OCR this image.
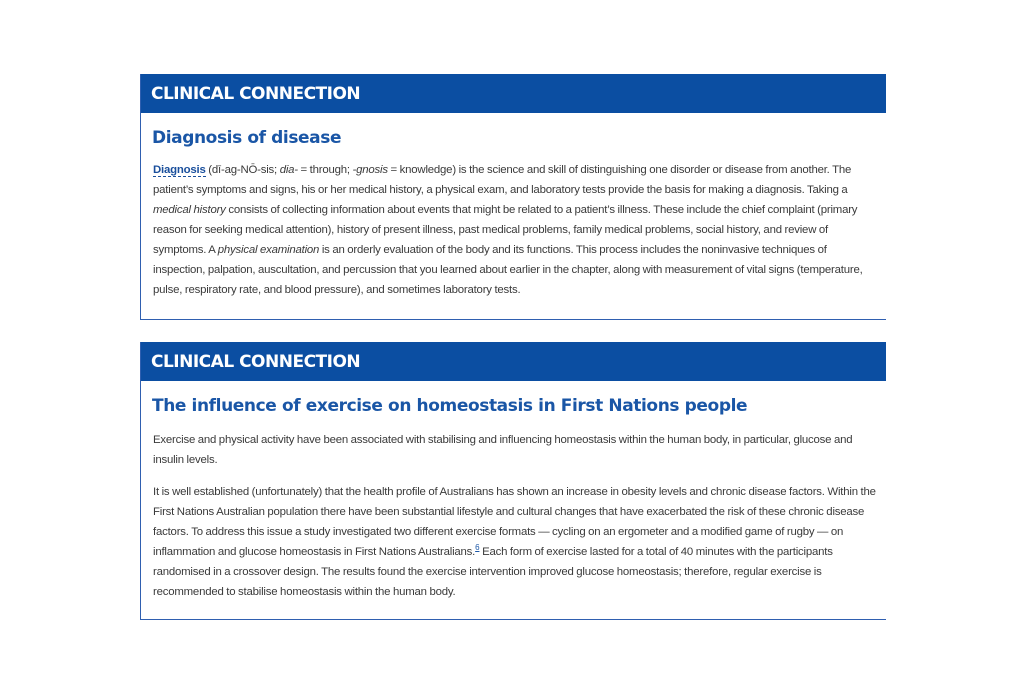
CLINICAL CONNECTION
Diagnosis of disease

Diagnosis (dī-ag-NŌ-sis; dia- = through; -gnosis = knowledge) is the science and skill of distinguishing one disorder or disease from another. The patient’s symptoms and signs, his or her medical history, a physical exam, and laboratory tests provide the basis for making a diagnosis. Taking a medical history consists of collecting information about events that might be related to a patient’s illness. These include the chief complaint (primary reason for seeking medical attention), history of present illness, past medical problems, family medical problems, social history, and review of symptoms. A physical examination is an orderly evaluation of the body and its functions. This process includes the noninvasive techniques of inspection, palpation, auscultation, and percussion that you learned about earlier in the chapter, along with measurement of vital signs (temperature, pulse, respiratory rate, and blood pressure), and sometimes laboratory tests.

CLINICAL CONNECTION
The influence of exercise on homeostasis in First Nations people

Exercise and physical activity have been associated with stabilising and influencing homeostasis within the human body, in particular, glucose and insulin levels.

It is well established (unfortunately) that the health profile of Australians has shown an increase in obesity levels and chronic disease factors. Within the First Nations Australian population there have been substantial lifestyle and cultural changes that have exacerbated the risk of these chronic disease factors. To address this issue a study investigated two different exercise formats — cycling on an ergometer and a modified game of rugby — on inflammation and glucose homeostasis in First Nations Australians.$^6$ Each form of exercise lasted for a total of 40 minutes with the participants randomised in a crossover design. The results found the exercise intervention improved glucose homeostasis; therefore, regular exercise is recommended to stabilise homeostasis within the human body.
